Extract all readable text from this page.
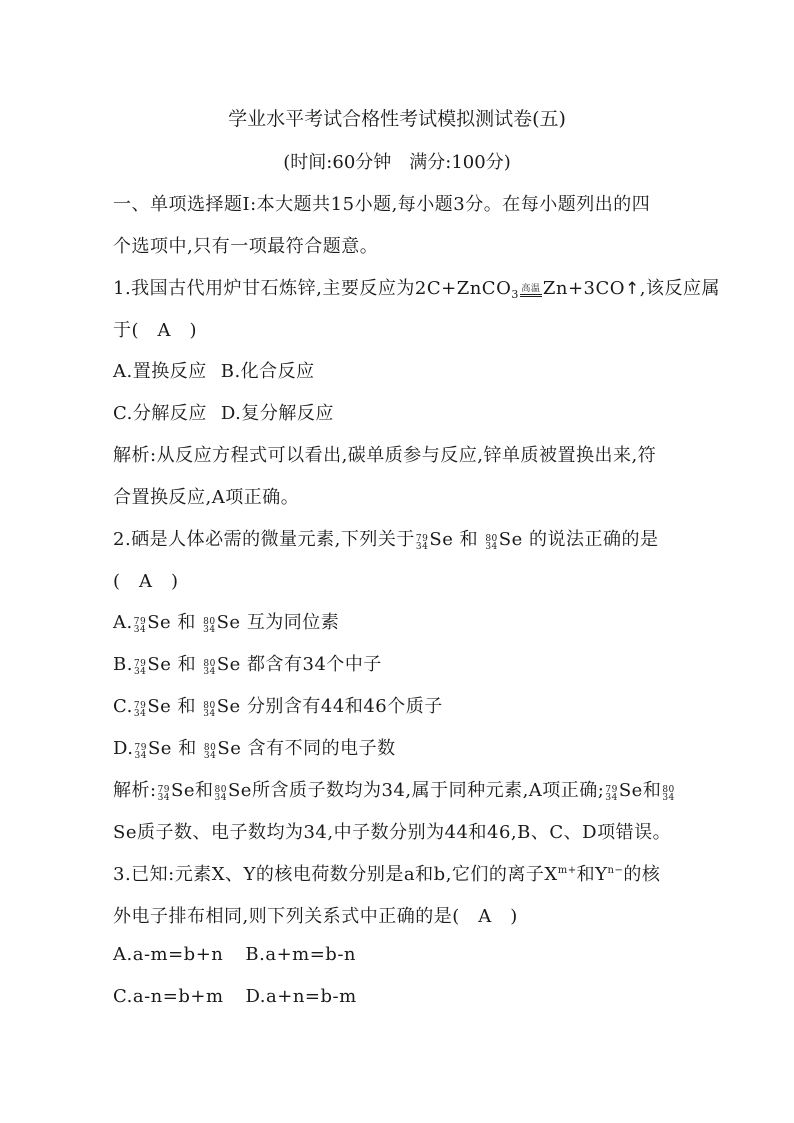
学业水平考试合格性考试模拟测试卷(五)
(时间:60分钟　满分:100分)
一、单项选择题Ⅰ:本大题共15小题,每小题3分。在每小题列出的四
个选项中,只有一项最符合题意。
1.我国古代用炉甘石炼锌,主要反应为2C+ZnCO$_3$ 高温 Zn+3CO↑,该反应属
于(　A　)
A.置换反应 B.化合反应
C.分解反应 D.复分解反应
解析:从反应方程式可以看出,碳单质参与反应,锌单质被置换出来,符
合置换反应,A项正确。
2.硒是人体必需的微量元素,下列关于 79
34 Se 和 80
34 Se 的说法正确的是
(　A　)
A. 79
34 Se 和 80
34 Se 互为同位素
B. 79
34 Se 和 80
34 Se 都含有34个中子
C. 79
34 Se 和 80
34 Se 分别含有44和46个质子
D. 79
34 Se 和 80
34 Se 含有不同的电子数
解析: 79
34 Se和 80
34 Se所含质子数均为34,属于同种元素,A项正确; 79
34 Se和 80
34
Se质子数、电子数均为34,中子数分别为44和46,B、C、D项错误。
3.已知:元素X、Y的核电荷数分别是a和b,它们的离子$X^{m+}$和$Y^{n-}$的核
外电子排布相同,则下列关系式中正确的是(　A　)
A.a-m=b+n B.a+m=b-n
C.a-n=b+m D.a+n=b-m
